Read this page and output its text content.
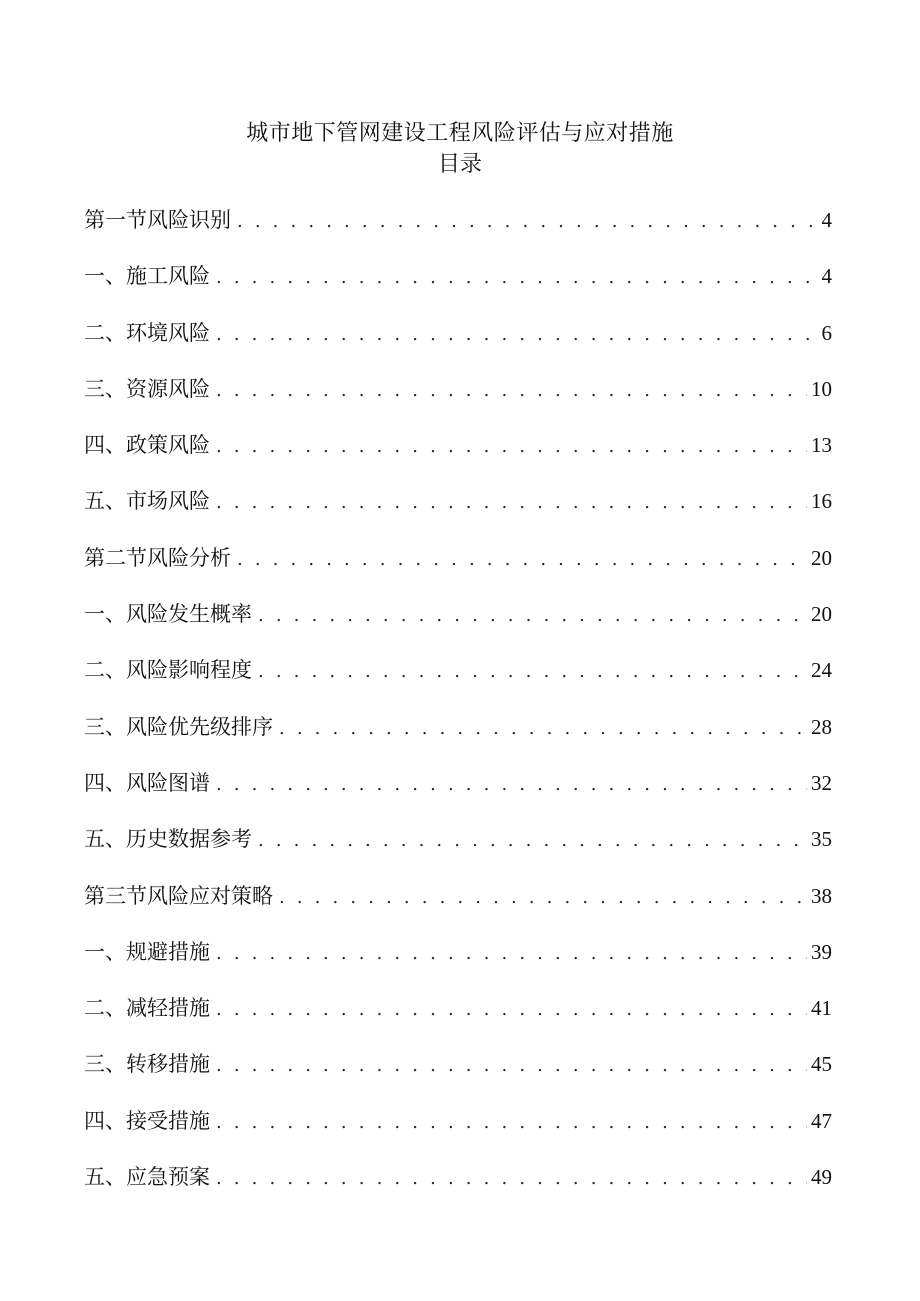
城市地下管网建设工程风险评估与应对措施
目录
第一节风险识别 . . .	4
一、施工风险 . . .	4
二、环境风险 . . .	6
三、资源风险 . . .	10
四、政策风险 . . .	13
五、市场风险 . . .	16
第二节风险分析 . . .	20
一、风险发生概率 . . .	20
二、风险影响程度 . . .	24
三、风险优先级排序 . . .	28
四、风险图谱 . . .	32
五、历史数据参考 . . .	35
第三节风险应对策略 . . .	38
一、规避措施 . . .	39
二、减轻措施 . . .	41
三、转移措施 . . .	45
四、接受措施 . . .	47
五、应急预案 . . .	49
